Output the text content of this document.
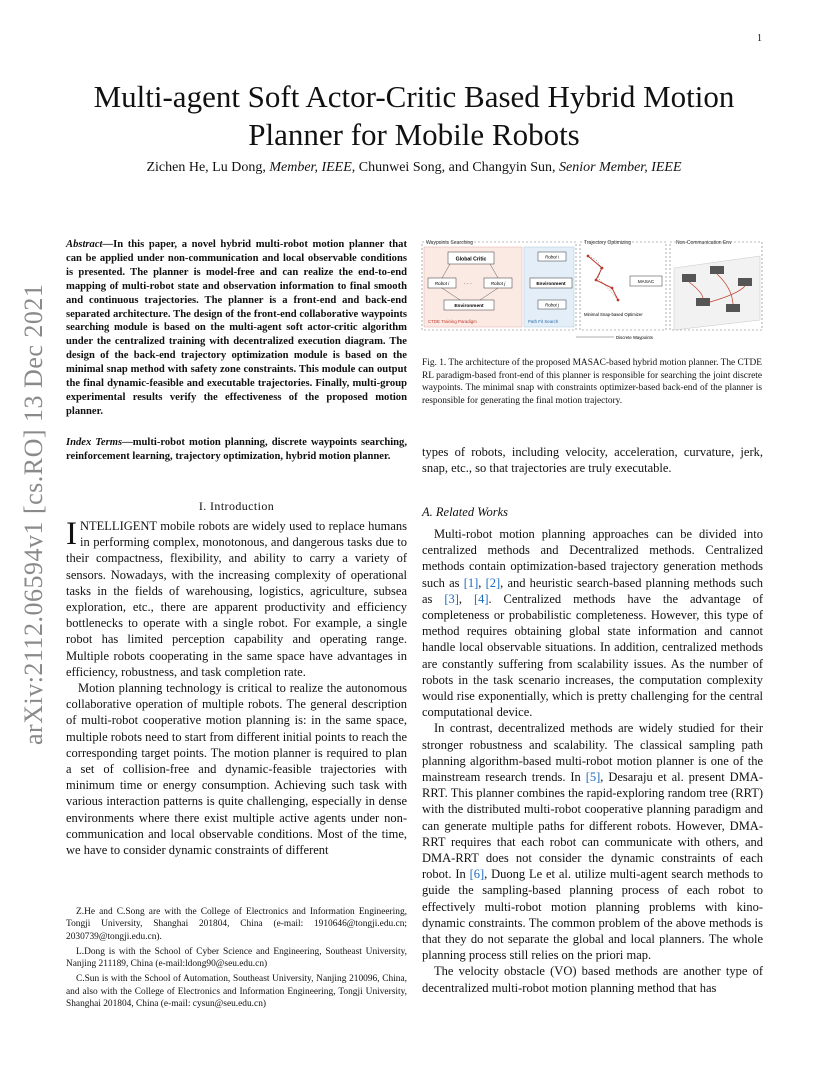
1
arXiv:2112.06594v1 [cs.RO] 13 Dec 2021
Multi-agent Soft Actor-Critic Based Hybrid Motion Planner for Mobile Robots
Zichen He, Lu Dong, Member, IEEE, Chunwei Song, and Changyin Sun, Senior Member, IEEE
Abstract—In this paper, a novel hybrid multi-robot motion planner that can be applied under non-communication and local observable conditions is presented. The planner is model-free and can realize the end-to-end mapping of multi-robot state and observation information to final smooth and continuous trajectories. The planner is a front-end and back-end separated architecture. The design of the front-end collaborative waypoints searching module is based on the multi-agent soft actor-critic algorithm under the centralized training with decentralized execution diagram. The design of the back-end trajectory optimization module is based on the minimal snap method with safety zone constraints. This module can output the final dynamic-feasible and executable trajectories. Finally, multi-group experimental results verify the effectiveness of the proposed motion planner.
Index Terms—multi-robot motion planning, discrete waypoints searching, reinforcement learning, trajectory optimization, hybrid motion planner.
I. Introduction

INTELLIGENT mobile robots are widely used to replace humans in performing complex, monotonous, and dangerous tasks due to their compactness, flexibility, and ability to carry a variety of sensors. Nowadays, with the increasing complexity of operational tasks in the fields of warehousing, logistics, agriculture, subsea exploration, etc., there are apparent productivity and efficiency bottlenecks to operate with a single robot. For example, a single robot has limited perception capability and operating range. Multiple robots cooperating in the same space have advantages in efficiency, robustness, and task completion rate.

Motion planning technology is critical to realize the autonomous collaborative operation of multiple robots. The general description of multi-robot cooperative motion planning is: in the same space, multiple robots need to start from different initial points to reach the corresponding target points. The motion planner is required to plan a set of collision-free and dynamic-feasible trajectories with minimum time or energy consumption. Achieving such task with various interaction patterns is quite challenging, especially in dense environments where there exist multiple active agents under non-communication and local observable conditions. Most of the time, we have to consider dynamic constraints of different

Z.He and C.Song are with the College of Electronics and Information Engineering, Tongji University, Shanghai 201804, China (e-mail: 1910646@tongji.edu.cn; 2030739@tongji.edu.cn).

L.Dong is with the School of Cyber Science and Engineering, Southeast University, Nanjing 211189, China (e-mail:ldong90@seu.edu.cn)

C.Sun is with the School of Automation, Southeast University, Nanjing 210096, China, and also with the College of Electronics and Information Engineering, Tongji University, Shanghai 201804, China (e-mail: cysun@seu.edu.cn)

Waypoints Searching
Global Critic
Robot i	Robot j
· · ·
Environment
CTDE Training Paradigm
Robot i
Environment
Robot j
Path Fit Search
Trajectory Optimizing
MASAC
Minimal Snap-based Optimizer
Discrete Waypoints
Non-Communication Env
Fig. 1. The architecture of the proposed MASAC-based hybrid motion planner. The CTDE RL paradigm-based front-end of this planner is responsible for searching the joint discrete waypoints. The minimal snap with constraints optimizer-based back-end of the planner is responsible for generating the final motion trajectory.

types of robots, including velocity, acceleration, curvature, jerk, snap, etc., so that trajectories are truly executable.

A. Related Works

Multi-robot motion planning approaches can be divided into centralized methods and Decentralized methods. Centralized methods contain optimization-based trajectory generation methods such as [1], [2], and heuristic search-based planning methods such as [3], [4]. Centralized methods have the advantage of completeness or probabilistic completeness. However, this type of method requires obtaining global state information and cannot handle local observable situations. In addition, centralized methods are constantly suffering from scalability issues. As the number of robots in the task scenario increases, the computation complexity would rise exponentially, which is pretty challenging for the central computational device.

In contrast, decentralized methods are widely studied for their stronger robustness and scalability. The classical sampling path planning algorithm-based multi-robot motion planner is one of the mainstream research trends. In [5], Desaraju et al. present DMA-RRT. This planner combines the rapid-exploring random tree (RRT) with the distributed multi-robot cooperative planning paradigm and can generate multiple paths for different robots. However, DMA-RRT requires that each robot can communicate with others, and DMA-RRT does not consider the dynamic constraints of each robot. In [6], Duong Le et al. utilize multi-agent search methods to guide the sampling-based planning process of each robot to effectively multi-robot motion planning problems with kino-dynamic constraints. The common problem of the above methods is that they do not separate the global and local planners. The whole planning process still relies on the priori map.

The velocity obstacle (VO) based methods are another type of decentralized multi-robot motion planning method that has
